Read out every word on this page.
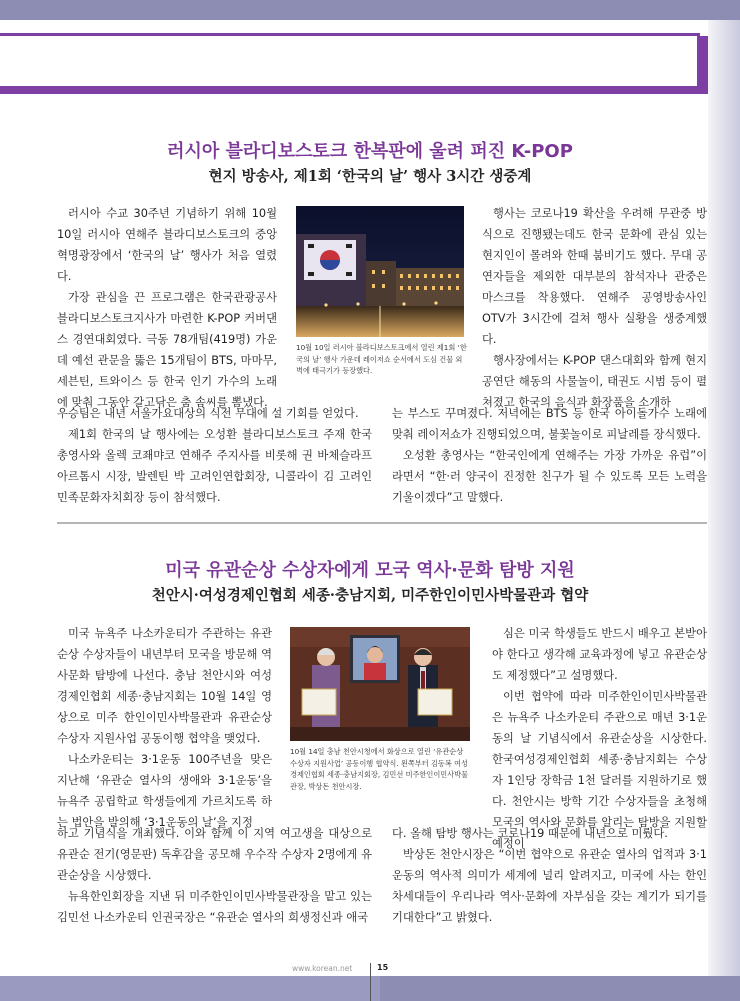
러시아 블라디보스토크 한복판에 울려 퍼진 K-POP
현지 방송사, 제1회 ‘한국의 날’ 행사 3시간 생중계

러시아 수교 30주년 기념하기 위해 10월 10일 러시아 연해주 블라디보스토크의 중앙혁명광장에서 ‘한국의 날’ 행사가 처음 열렸다.

가장 관심을 끈 프로그램은 한국관광공사 블라디보스토크지사가 마련한 K-POP 커버댄스 경연대회였다. 극동 78개팀(419명) 가운데 예선 관문을 뚫은 15개팀이 BTS, 마마무, 세븐틴, 트와이스 등 한국 인기 가수의 노래에 맞춰 그동안 갈고닦은 춤 솜씨를 뽐냈다.

10월 10일 러시아 블라디보스토크에서 열린 제1회 ‘한국의 날’ 행사 가운데 레이저쇼 순서에서 도심 건물 외벽에 태극기가 등장했다.

행사는 코로나19 확산을 우려해 무관중 방식으로 진행됐는데도 한국 문화에 관심 있는 현지인이 몰려와 한때 붐비기도 했다. 무대 공연자들을 제외한 대부분의 참석자나 관중은 마스크를 착용했다. 연해주 공영방송사인 OTV가 3시간에 걸쳐 행사 실황을 생중계했다.

행사장에서는 K-POP 댄스대회와 함께 현지 공연단 해동의 사물놀이, 태권도 시범 등이 펼쳐졌고 한국의 음식과 화장품을 소개하

우승팀은 내년 서울가요대상의 식전 무대에 설 기회를 얻었다.

제1회 한국의 날 행사에는 오성환 블라디보스토크 주재 한국총영사와 올렉 코좨먀코 연해주 주지사를 비롯해 권 바체슬라프 아르톰시 시장, 발렌틴 박 고려인연합회장, 니콜라이 김 고려인민족문화자치회장 등이 참석했다.

는 부스도 꾸며졌다. 저녁에는 BTS 등 한국 아이돌가수 노래에 맞춰 레이저쇼가 진행되었으며, 불꽃놀이로 피날레를 장식했다.

오성환 총영사는 “한국인에게 연해주는 가장 가까운 유럽”이라면서 “한·러 양국이 진정한 친구가 될 수 있도록 모든 노력을 기울이겠다”고 말했다.

미국 유관순상 수상자에게 모국 역사·문화 탐방 지원
천안시·여성경제인협회 세종·충남지회, 미주한인이민사박물관과 협약

미국 뉴욕주 나소카운티가 주관하는 유관순상 수상자들이 내년부터 모국을 방문해 역사문화 탐방에 나선다. 충남 천안시와 여성경제인협회 세종·충남지회는 10월 14일 영상으로 미주 한인이민사박물관과 유관순상 수상자 지원사업 공동이행 협약을 맺었다.

나소카운티는 3·1운동 100주년을 맞은 지난해 ‘유관순 열사의 생애와 3·1운동’을 뉴욕주 공립학교 학생들에게 가르치도록 하는 법안을 발의해 ‘3·1운동의 날’을 지정

10월 14일 충남 천안시청에서 화상으로 열린 ‘유관순상 수상자 지원사업’ 공동이행 협약식. 왼쪽부터 김동복 여성경제인협회 세종·충남지회장, 김민선 미주한인이민사박물관장, 박상돈 천안시장.

심은 미국 학생들도 반드시 배우고 본받아야 한다고 생각해 교육과정에 넣고 유관순상도 제정했다”고 설명했다.

이번 협약에 따라 미주한인이민사박물관은 뉴욕주 나소카운티 주관으로 매년 3·1운동의 날 기념식에서 유관순상을 시상한다. 한국여성경제인협회 세종·충남지회는 수상자 1인당 장학금 1천 달러를 지원하기로 했다. 천안시는 방학 기간 수상자들을 초청해 모국의 역사와 문화를 알리는 탐방을 지원할 예정이

하고 기념식을 개최했다. 이와 함께 이 지역 여고생을 대상으로 유관순 전기(영문판) 독후감을 공모해 우수작 수상자 2명에게 유관순상을 시상했다.

뉴욕한인회장을 지낸 뒤 미주한인이민사박물관장을 맡고 있는 김민선 나소카운티 인권국장은 “유관순 열사의 희생정신과 애국

다. 올해 탐방 행사는 코로나19 때문에 내년으로 미뤘다.

박상돈 천안시장은 “이번 협약으로 유관순 열사의 업적과 3·1운동의 역사적 의미가 세계에 널리 알려지고, 미국에 사는 한인 차세대들이 우리나라 역사·문화에 자부심을 갖는 계기가 되기를 기대한다”고 밝혔다.

www.korean.net	15
